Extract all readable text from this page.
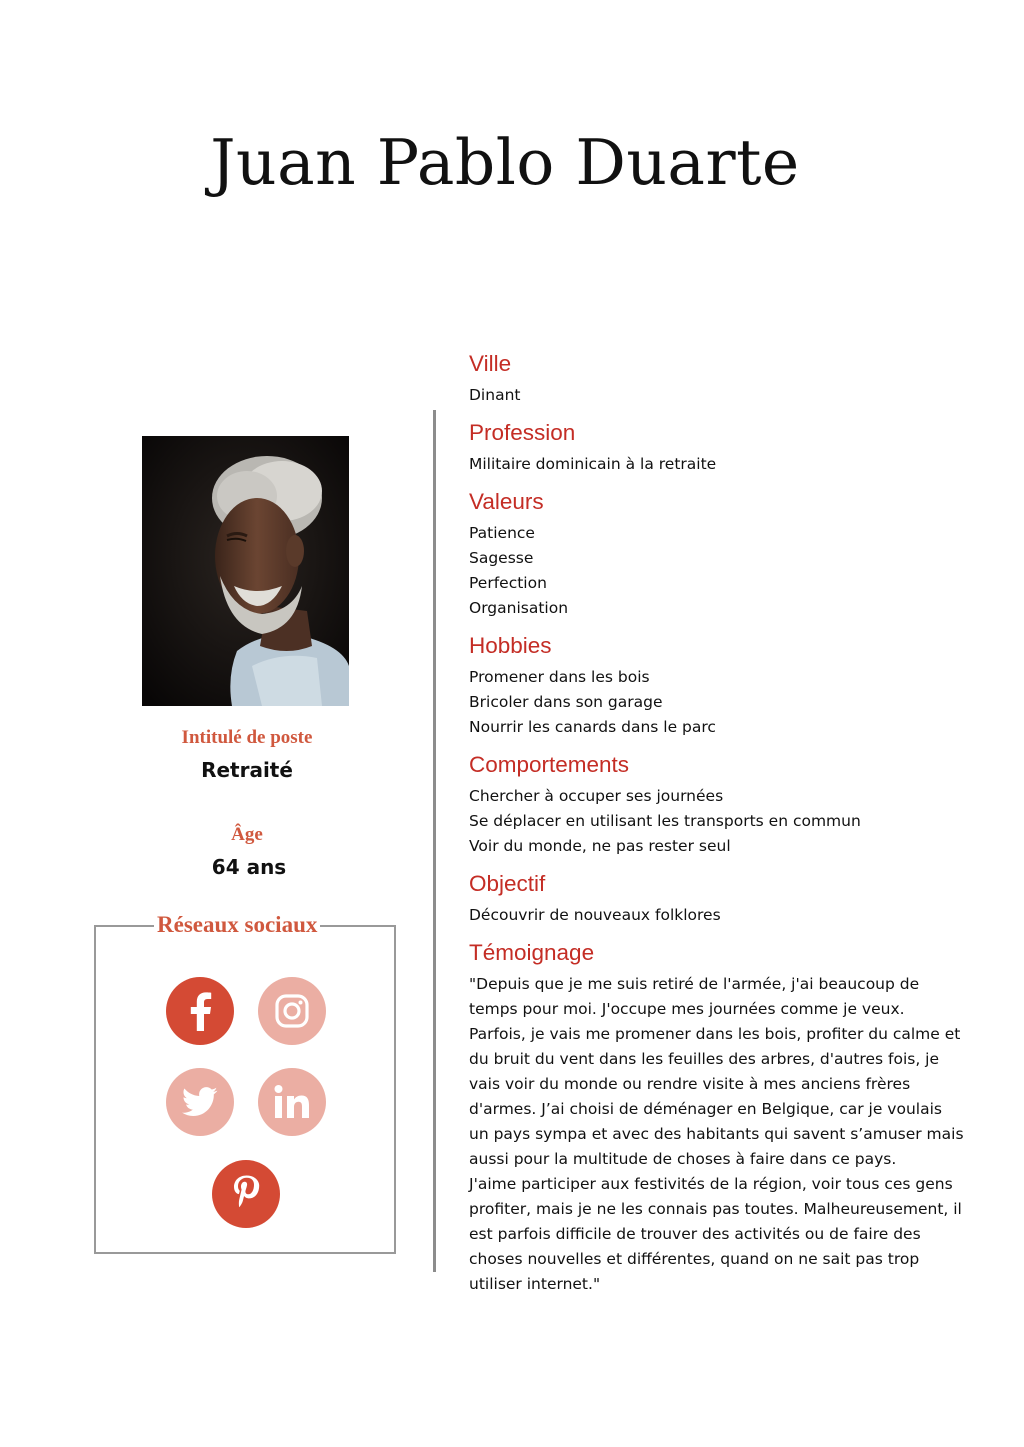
Juan Pablo Duarte
Intitulé de poste
Retraité
Âge
64 ans
Réseaux sociaux
Ville
Dinant
Profession
Militaire dominicain à la retraite
Valeurs
Patience
Sagesse
Perfection
Organisation
Hobbies
Promener dans les bois
Bricoler dans son garage
Nourrir les canards dans le parc
Comportements
Chercher à occuper ses journées
Se déplacer en utilisant les transports en commun
Voir du monde, ne pas rester seul
Objectif
Découvrir de nouveaux folklores
Témoignage
"Depuis que je me suis retiré de l'armée, j'ai beaucoup de
temps pour moi. J'occupe mes journées comme je veux.
Parfois, je vais me promener dans les bois, profiter du calme et
du bruit du vent dans les feuilles des arbres, d'autres fois, je
vais voir du monde ou rendre visite à mes anciens frères
d'armes. J’ai choisi de déménager en Belgique, car je voulais
un pays sympa et avec des habitants qui savent s’amuser mais
aussi pour la multitude de choses à faire dans ce pays.
J'aime participer aux festivités de la région, voir tous ces gens
profiter, mais je ne les connais pas toutes. Malheureusement, il
est parfois difficile de trouver des activités ou de faire des
choses nouvelles et différentes, quand on ne sait pas trop
utiliser internet."
